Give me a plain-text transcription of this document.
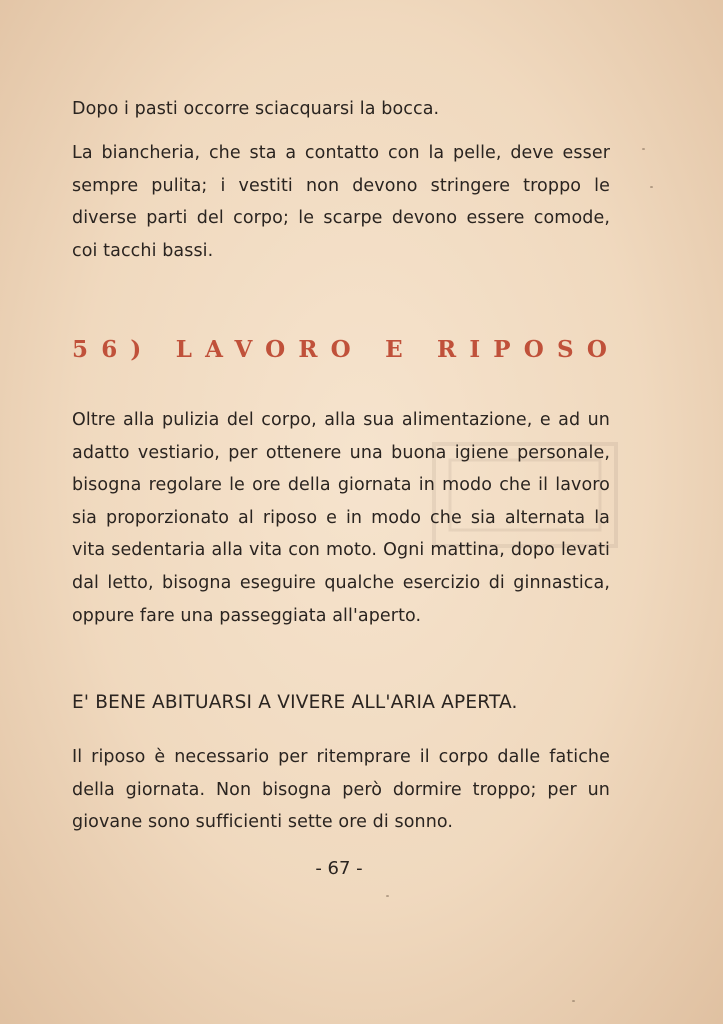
Dopo i pasti occorre sciacquarsi la bocca.

La biancheria, che sta a contatto con la pelle, deve esser sempre pulita; i vestiti non devono stringere troppo le diverse parti del corpo; le scarpe devono essere comode, coi tacchi bassi.

56) LAVORO E RIPOSO

Oltre alla pulizia del corpo, alla sua alimentazione, e ad un adatto vestiario, per ottenere una buona igiene personale, bisogna regolare le ore della giornata in modo che il lavoro sia proporzionato al riposo e in modo che sia alternata la vita sedentaria alla vita con moto. Ogni mattina, dopo levati dal letto, bisogna eseguire qualche esercizio di ginnastica, oppure fare una passeggiata all'aperto.

E' BENE ABITUARSI A VIVERE ALL'ARIA APERTA.

Il riposo è necessario per ritemprare il corpo dalle fatiche della giornata. Non bisogna però dormire troppo; per un giovane sono sufficienti sette ore di sonno.

- 67 -
